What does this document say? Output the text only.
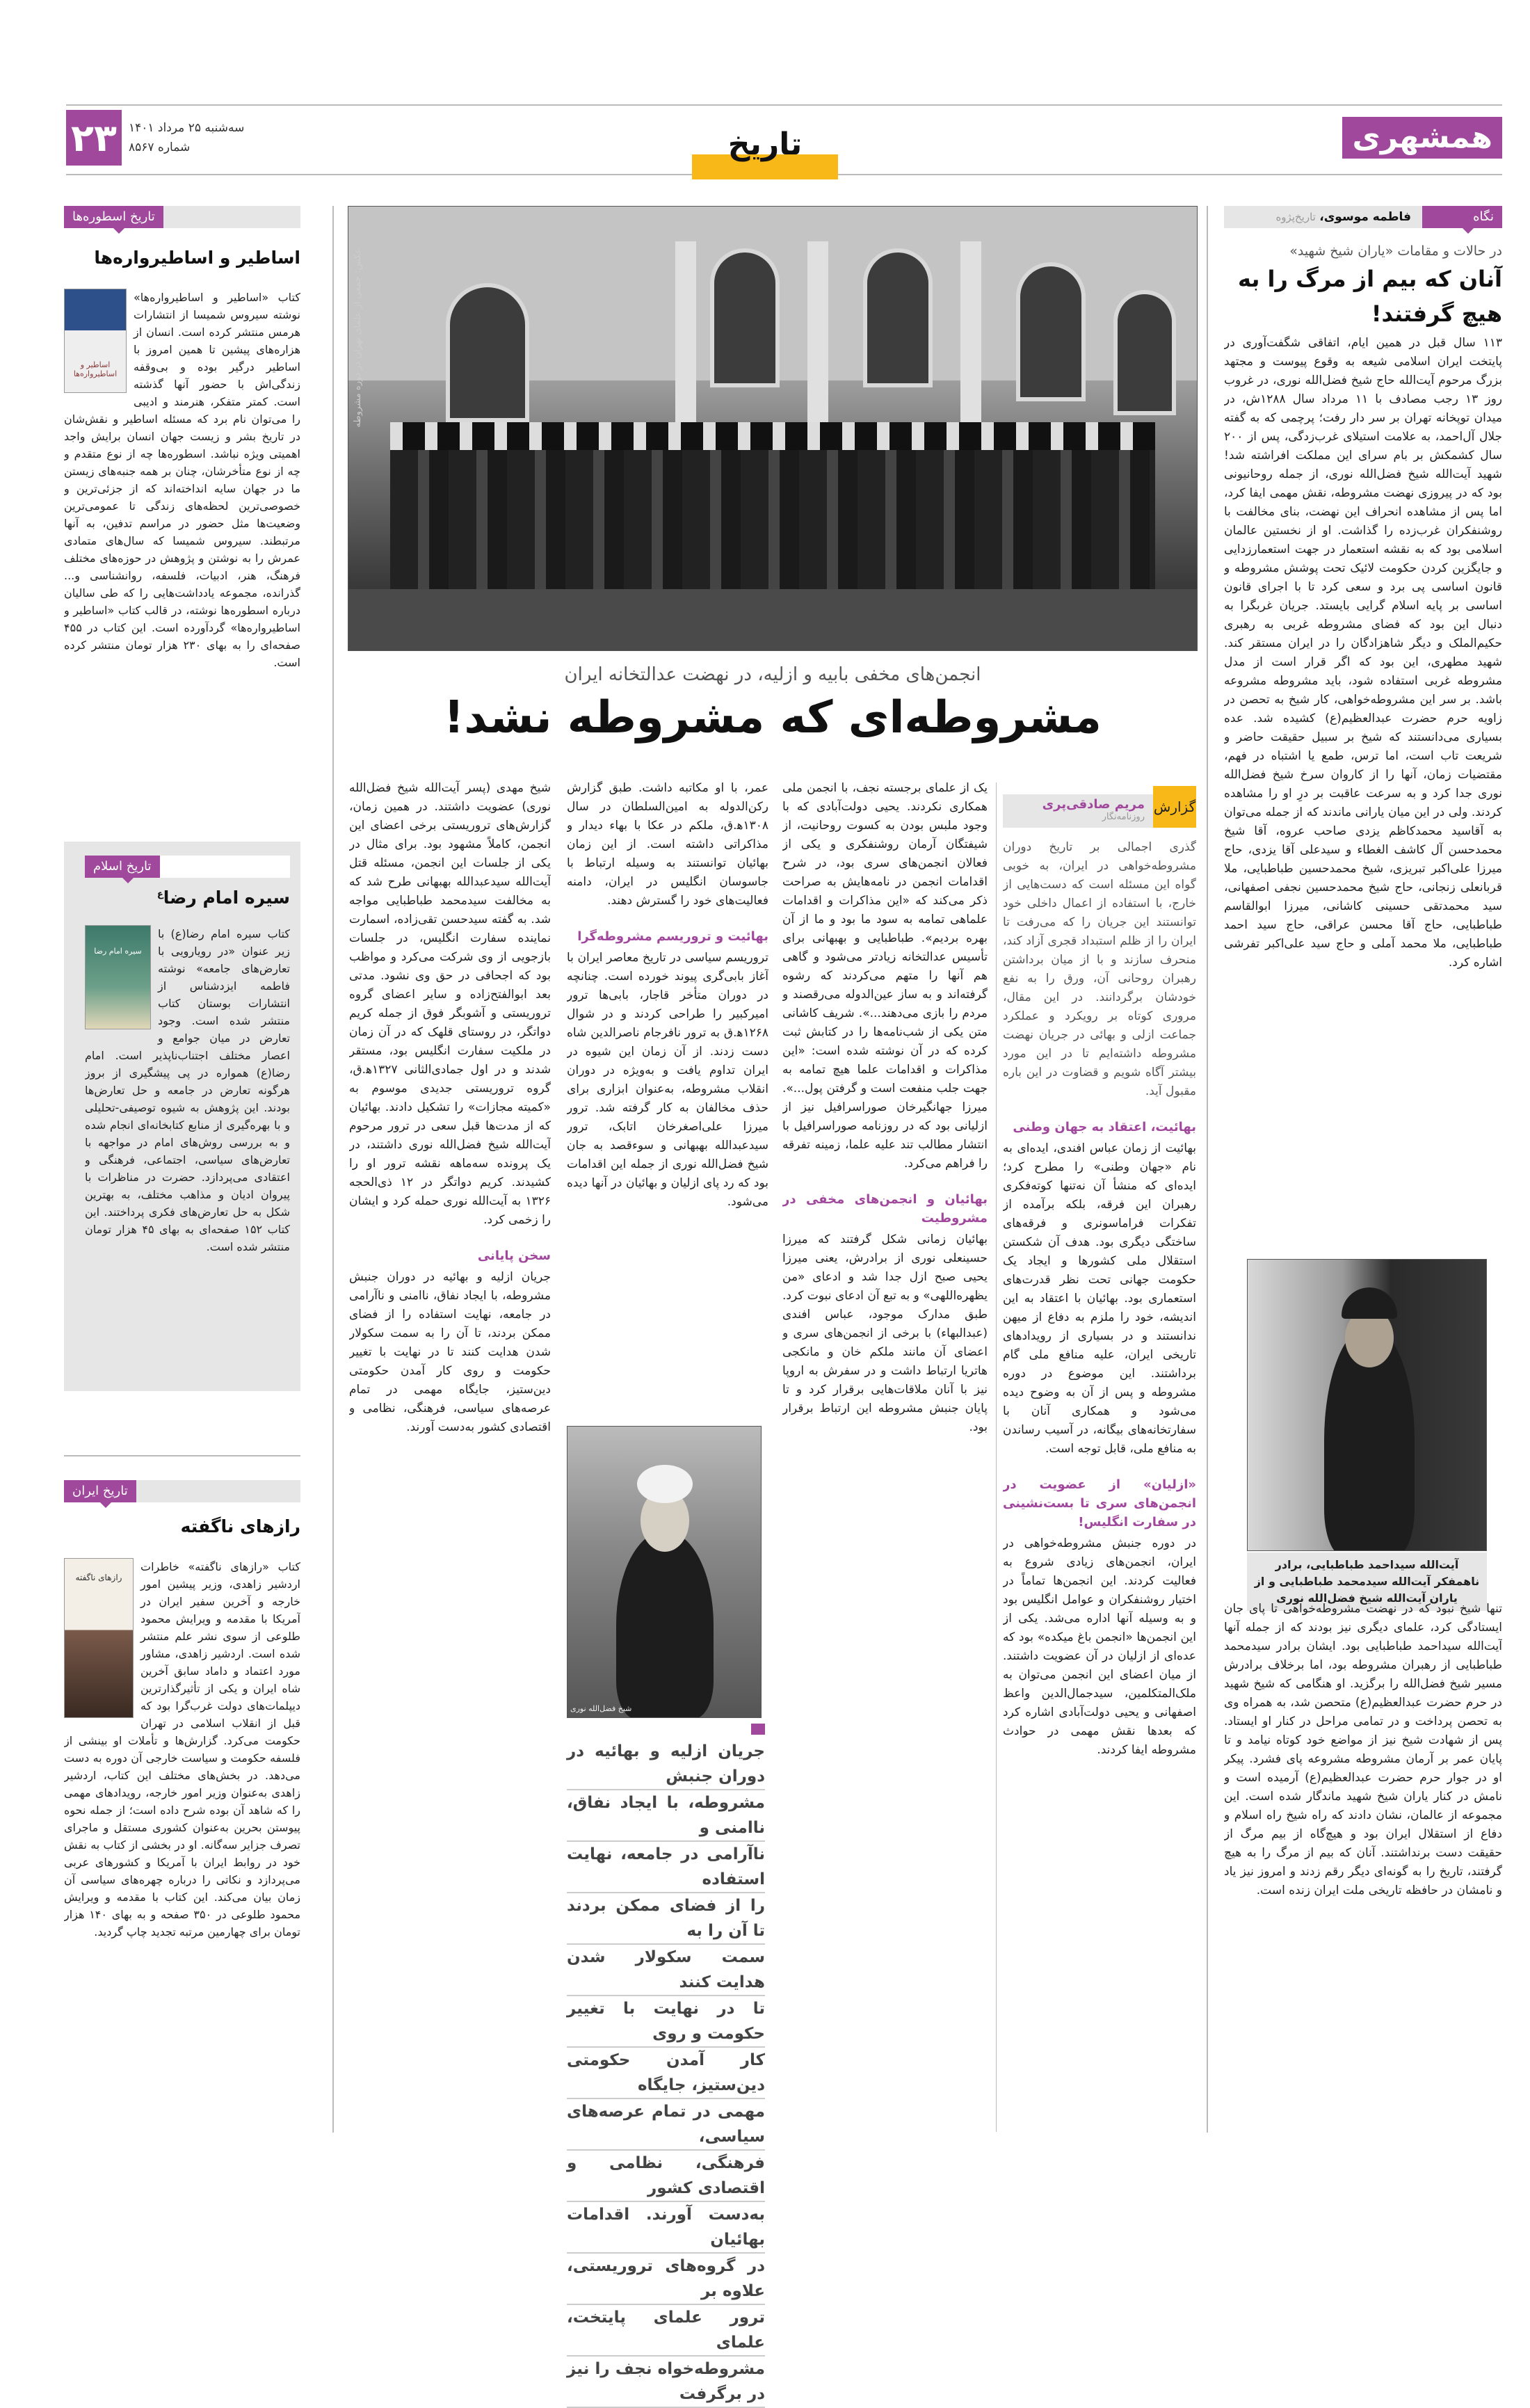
۲۳	سه‌شنبه ۲۵ مرداد ۱۴۰۱
شماره ۸۵۶۷	تاریخ	همشهری
نگاه
فاطمه موسوی، تاریخ‌پژوه
در حالات و مقامات «یاران شیخ شهید»
آنان که بیم از مرگ را به هیچ گرفتند!
۱۱۳ سال قبل در همین ایام، اتفاقی شگفت‌آوری در پایتخت ایران اسلامی شیعه به وقوع پیوست و مجتهد بزرگ مرحوم آیت‌الله حاج شیخ فضل‌الله نوری، در غروب روز ۱۳ رجب مصادف با ۱۱ مرداد سال ۱۲۸۸ش، در میدان توپخانه تهران بر سر دار رفت؛ پرچمی که به گفته جلال آل‌احمد، به علامت استیلای غرب‌زدگی، پس از ۲۰۰ سال کشمکش بر بام سرای این مملکت افراشته شد! شهید آیت‌الله شیخ فضل‌الله نوری، از جمله روحانیونی بود که در پیروزی نهضت مشروطه، نقش مهمی ایفا کرد، اما پس از مشاهده انحراف این نهضت، بنای مخالفت با روشنفکران غرب‌زده را گذاشت. او از نخستین عالمان اسلامی بود که به نقشه استعمار در جهت استعمارزدایی و جایگزین کردن حکومت لائیک تحت پوشش مشروطه و قانون اساسی پی برد و سعی کرد تا با اجرای قانون اساسی بر پایه اسلام گرایی بایستد. جریان غربگرا به دنبال این بود که فضای مشروطه غربی به رهبری حکیم‌الملک و دیگر شاهزادگان را در ایران مستقر کند. شهید مطهری، این بود که اگر قرار است از مدل مشروطه غربی استفاده شود، باید مشروطه مشروعه باشد. بر سر این مشروطه‌خواهی، کار شیخ به تحصن در زاویه حرم حضرت عبدالعظیم(ع) کشیده شد. عده بسیاری می‌دانستند که شیخ بر سبیل حقیقت حاضر و شریعت تاب است، اما ترس، طمع یا اشتباه در فهم، مقتضیات زمان، آنها را از کاروان سرخ شیخ فضل‌الله نوری جدا کرد و به سرعت عاقبت بر درِ او را مشاهده کردند. ولی در این میان یارانی ماندند که از جمله می‌توان به آقاسید محمدکاظم یزدی صاحب عروه، آقا شیخ محمدحسن آل کاشف الغطاء و سیدعلی آقا یزدی، حاج میرزا علی‌اکبر تبریزی، شیخ محمدحسین طباطبایی، ملا قربانعلی زنجانی، حاج شیخ محمدحسین نجفی اصفهانی، سید محمدتقی حسینی کاشانی، میرزا ابوالقاسم طباطبایی، حاج آقا محسن عراقی، حاج سید احمد طباطبایی، ملا محمد آملی و حاج سید علی‌اکبر تفرشی اشاره کرد.
آیت‌الله سیداحمد طباطبایی، برادر ناهمفکر آیت‌الله سیدمحمد طباطبایی و از یاران آیت‌الله شیخ فضل‌الله نوری
تنها شیخ نبود که در نهضت مشروطه‌خواهی تا پای جان ایستادگی کرد، علمای دیگری نیز بودند که از جمله آنها آیت‌الله سیداحمد طباطبایی بود. ایشان برادر سیدمحمد طباطبایی از رهبران مشروطه بود، اما برخلاف برادرش مسیر شیخ فضل‌الله را برگزید. او هنگامی که شیخ شهید در حرم حضرت عبدالعظیم(ع) متحصن شد، به همراه وی به تحصن پرداخت و در تمامی مراحل در کنار او ایستاد. پس از شهادت شیخ نیز از مواضع خود کوتاه نیامد و تا پایان عمر بر آرمان مشروطه مشروعه پای فشرد. پیکر او در جوار حرم حضرت عبدالعظیم(ع) آرمیده است و نامش در کنار یاران شیخ شهید ماندگار شده است. این مجموعه از عالمان، نشان دادند که راه شیخ راه اسلام و دفاع از استقلال ایران بود و هیچ‌گاه از بیم مرگ از حقیقت دست برنداشتند. آنان که بیم از مرگ را به هیچ گرفتند، تاریخ را به گونه‌ای دیگر رقم زدند و امروز نیز یاد و نامشان در حافظه تاریخی ملت ایران زنده است.
عکس: جمعی از علمای تهران در دوره مشروطه
انجمن‌های مخفی بابیه و ازلیه، در نهضت عدالتخانه ایران
مشروطه‌ای که مشروطه نشد!
گزارش
مریم صادقی‌پری
روزنامه‌نگار

گذری اجمالی بر تاریخ دوران مشروطه‌خواهی در ایران، به خوبی گواه این مسئله است که دست‌هایی از خارج، با استفاده از اعمال داخلی خود توانستند این جریان را که می‌رفت تا ایران را از ظلم استبداد قجری آزاد کند، منحرف سازند و با از میان برداشتن رهبران روحانی آن، ورق را به نفع خودشان برگردانند. در این مقال، مروری کوتاه بر رویکرد و عملکرد جماعت ازلی و بهائی در جریان نهضت مشروطه داشته‌ایم تا در این مورد بیشتر آگاه شویم و قضاوت در این باره مقبول آید.

بهائیت، اعتقاد به جهان وطنی

بهائیت از زمان عباس افندی، ایده‌ای به نام «جهان وطنی» را مطرح کرد؛ ایده‌ای که منشأ آن نه‌تنها کوته‌فکری رهبران این فرقه، بلکه برآمده از تفکرات فراماسونری و فرقه‌های ساختگی دیگری بود. هدف آن شکستن استقلال ملی کشورها و ایجاد یک حکومت جهانی تحت نظر قدرت‌های استعماری بود. بهائیان با اعتقاد به این اندیشه، خود را ملزم به دفاع از میهن ندانستند و در بسیاری از رویدادهای تاریخی ایران، علیه منافع ملی گام برداشتند. این موضوع در دوره مشروطه و پس از آن به وضوح دیده می‌شود و همکاری آنان با سفارتخانه‌های بیگانه، در آسیب رساندن به منافع ملی، قابل توجه است.

«ازلیان» از عضویت در انجمن‌های سری تا بست‌نشینی در سفارت انگلیس!

در دوره جنبش مشروطه‌خواهی در ایران، انجمن‌های زیادی شروع به فعالیت کردند. این انجمن‌ها تماماً در اختیار روشنفکران و عوامل انگلیس بود و به وسیله آنها اداره می‌شد. یکی از این انجمن‌ها «انجمن باغ میکده» بود که عده‌ای از ازلیان در آن عضویت داشتند. از میان اعضای این انجمن می‌توان به ملک‌المتکلمین، سیدجمال‌الدین واعظ اصفهانی و یحیی دولت‌آبادی اشاره کرد که بعدها نقش مهمی در حوادث مشروطه ایفا کردند.

یک از علمای برجسته نجف، با انجمن ملی همکاری نکردند. یحیی دولت‌آبادی که با وجود ملبس بودن به کسوت روحانیت، از شیفتگان آرمان روشنفکری و یکی از فعالان انجمن‌های سری بود، در شرح اقدامات انجمن در نامه‌هایش به صراحت ذکر می‌کند که «این مذاکرات و اقدامات علماهی تمامه به سود ما بود و ما از آن بهره بردیم». طباطبایی و بهبهانی برای تأسیس عدالتخانه زیادتر می‌شود و گاهی هم آنها را متهم می‌کردند که رشوه گرفته‌اند و به ساز عین‌الدوله می‌رقصند و مردم را بازی می‌دهند...». شریف کاشانی متن یکی از شب‌نامه‌ها را در کتابش ثبت کرده که در آن نوشته شده است: «این مذاکرات و اقدامات علما هیچ تمامه به جهت جلب منفعت است و گرفتن پول...». میرزا جهانگیرخان صوراسرافیل نیز از ازلیانی بود که در روزنامه صوراسرافیل با انتشار مطالب تند علیه علما، زمینه تفرقه را فراهم می‌کرد.

بهائیان و انجمن‌های مخفی در مشروطیت

بهائیان زمانی شکل گرفتند که میرزا حسینعلی نوری از برادرش، یعنی میرزا یحیی صبح ازل جدا شد و ادعای «من یظهره‌اللهی» و به تبع آن ادعای نبوت کرد. طبق مدارک موجود، عباس افندی (عبدالبهاء) با برخی از انجمن‌های سری و اعضای آن مانند ملکم خان و مانکجی هاتریا ارتباط داشت و در سفرش به اروپا نیز با آنان ملاقات‌هایی برقرار کرد و تا پایان جنبش مشروطه این ارتباط برقرار بود.

عمر، با او مکاتبه داشت. طبق گزارش رکن‌الدوله به امین‌السلطان در سال ۱۳۰۸ه‍.ق، ملکم در عکا با بهاء دیدار و مذاکراتی داشته است. از این زمان بهائیان توانستند به وسیله ارتباط با جاسوسان انگلیس در ایران، دامنه فعالیت‌های خود را گسترش دهند.

بهائیت و تروریسم مشروطه‌گرا

تروریسم سیاسی در تاریخ معاصر ایران با آغاز بابی‌گری پیوند خورده است. چنانچه در دوران متأخر قاجار، بابی‌ها ترور امیرکبیر را طراحی کردند و در شوال ۱۲۶۸ه‍.ق به ترور نافرجام ناصرالدین شاه دست زدند. از آن زمان این شیوه در ایران تداوم یافت و به‌ویژه در دوران انقلاب مشروطه، به‌عنوان ابزاری برای حذف مخالفان به کار گرفته شد. ترور میرزا علی‌اصغرخان اتابک، ترور سیدعبدالله بهبهانی و سوءقصد به جان شیخ فضل‌الله نوری از جمله این اقدامات بود که رد پای ازلیان و بهائیان در آنها دیده می‌شود.

شیخ فضل‌الله نوری
جریان ازلیه و بهائیه در دوران جنبش
مشروطه، با ایجاد نفاق، ناامنی و
ناآرامی در جامعه، نهایت استفاده
را از فضای ممکن بردند تا آن را به
سمت سکولار شدن هدایت کنند
تا در نهایت با تغییر حکومت و روی
کار آمدن حکومتی دین‌ستیز، جایگاه
مهمی در تمام عرصه‌های سیاسی،
فرهنگی، نظامی و اقتصادی کشور
به‌دست آورند. اقدامات بهائیان
در گروه‌های تروریستی، علاوه بر
ترور علمای پایتخت، علمای
مشروطه‌خواه نجف را نیز در برگرفت

شیخ مهدی (پسر آیت‌الله شیخ فضل‌الله نوری) عضویت داشتند. در همین زمان، گزارش‌های تروریستی برخی اعضای این انجمن، کاملاً مشهود بود. برای مثال در یکی از جلسات این انجمن، مسئله قتل آیت‌الله سیدعبدالله بهبهانی طرح شد که به مخالفت سیدمحمد طباطبایی مواجه شد. به گفته سیدحسن تقی‌زاده، اسمارت نماینده سفارت انگلیس، در جلسات بازجویی از وی شرکت می‌کرد و مواظب بود که اجحافی در حق وی نشود. مدتی بعد ابوالفتح‌زاده و سایر اعضای گروه تروریستی و آشوبگر فوق از جمله کریم دواتگر، در روستای قلهک که در آن زمان در ملکیت سفارت انگلیس بود، مستقر شدند و در اول جمادی‌الثانی ۱۳۲۷ه‍.ق، گروه تروریستی جدیدی موسوم به «کمیته مجازات» را تشکیل دادند. بهائیان که از مدت‌ها قبل سعی در ترور مرحوم آیت‌الله شیخ فضل‌الله نوری داشتند، در یک پرونده سه‌ماهه نقشه ترور او را کشیدند. کریم دواتگر در ۱۲ ذی‌الحجه ۱۳۲۶ به آیت‌الله نوری حمله کرد و ایشان را زخمی کرد.

سخن پایانی

جریان ازلیه و بهائیه در دوران جنبش مشروطه، با ایجاد نفاق، ناامنی و ناآرامی در جامعه، نهایت استفاده را از فضای ممکن بردند، تا آن را به سمت سکولار شدن هدایت کنند تا در نهایت با تغییر حکومت و روی کار آمدن حکومتی دین‌ستیز، جایگاه مهمی در تمام عرصه‌های سیاسی، فرهنگی، نظامی و اقتصادی کشور به‌دست آورند.

تاریخ اسطوره‌ها
اساطیر و اساطیرواره‌ها
اساطیر و اساطیرواره‌ها
کتاب «اساطیر و اساطیرواره‌ها» نوشته سیروس شمیسا از انتشارات هرمس منتشر کرده است. انسان از هزاره‌های پیشین تا همین امروز با اساطیر درگیر بوده و بی‌وقفه زندگی‌اش با حضور آنها گذشته است. کمتر متفکر، هنرمند و ادیبی را می‌توان نام برد که مسئله اساطیر و نقش‌شان در تاریخ بشر و زیست جهان انسان برایش واجد اهمیتی ویژه نباشد. اسطوره‌ها چه از نوع متقدم و چه از نوع متأخرشان، چنان بر همه جنبه‌های زیستن ما در جهان سایه انداخته‌اند که از جزئی‌ترین و خصوصی‌ترین لحظه‌های زندگی تا عمومی‌ترین وضعیت‌ها مثل حضور در مراسم تدفین، به آنها مرتبطند. سیروس شمیسا که سال‌های متمادی عمرش را به نوشتن و پژوهش در حوزه‌های مختلف فرهنگ، هنر، ادبیات، فلسفه، روانشناسی و... گذرانده، مجموعه یادداشت‌هایی را که طی سالیان درباره اسطوره‌ها نوشته، در قالب کتاب «اساطیر و اساطیرواره‌ها» گردآورده است. این کتاب در ۴۵۵ صفحه‌ای را به بهای ۲۳۰ هزار تومان منتشر کرده است.
تاریخ اسلام
سیره امام رضا$^ع$
سیره امام رضا
کتاب سیره امام رضا(ع) با زیر عنوان «در رویارویی با تعارض‌های جامعه» نوشته فاطمه ایزدشناس از انتشارات بوستان کتاب منتشر شده است. وجود تعارض در میان جوامع و اعصار مختلف اجتناب‌ناپذیر است. امام رضا(ع) همواره در پی پیشگیری از بروز هرگونه تعارض در جامعه و حل تعارض‌ها بودند. این پژوهش به شیوه توصیفی-تحلیلی و با بهره‌گیری از منابع کتابخانه‌ای انجام شده و به بررسی روش‌های امام در مواجهه با تعارض‌های سیاسی، اجتماعی، فرهنگی و اعتقادی می‌پردازد. حضرت در مناظرات با پیروان ادیان و مذاهب مختلف، به بهترین شکل به حل تعارض‌های فکری پرداختند. این کتاب ۱۵۲ صفحه‌ای به بهای ۴۵ هزار تومان منتشر شده است.
تاریخ ایران
رازهای ناگفته
رازهای ناگفته
کتاب «رازهای ناگفته» خاطرات اردشیر زاهدی، وزیر پیشین امور خارجه و آخرین سفیر ایران در آمریکا با مقدمه و ویرایش محمود طلوعی از سوی نشر علم منتشر شده است. اردشیر زاهدی، مشاور مورد اعتماد و داماد سابق آخرین شاه ایران و یکی از تأثیرگذارترین دیپلمات‌های دولت غرب‌گرا بود که قبل از انقلاب اسلامی در تهران حکومت می‌کرد. گزارش‌ها و تأملات او بینشی از فلسفه حکومت و سیاست خارجی آن دوره به دست می‌دهد. در بخش‌های مختلف این کتاب، اردشیر زاهدی به‌عنوان وزیر امور خارجه، رویدادهای مهمی را که شاهد آن بوده شرح داده است؛ از جمله نحوه پیوستن بحرین به‌عنوان کشوری مستقل و ماجرای تصرف جزایر سه‌گانه. او در بخشی از کتاب به نقش خود در روابط ایران با آمریکا و کشورهای عربی می‌پردازد و نکاتی را درباره چهره‌های سیاسی آن زمان بیان می‌کند. این کتاب با مقدمه و ویرایش محمود طلوعی در ۳۵۰ صفحه و به بهای ۱۴۰ هزار تومان برای چهارمین مرتبه تجدید چاپ گردید.
